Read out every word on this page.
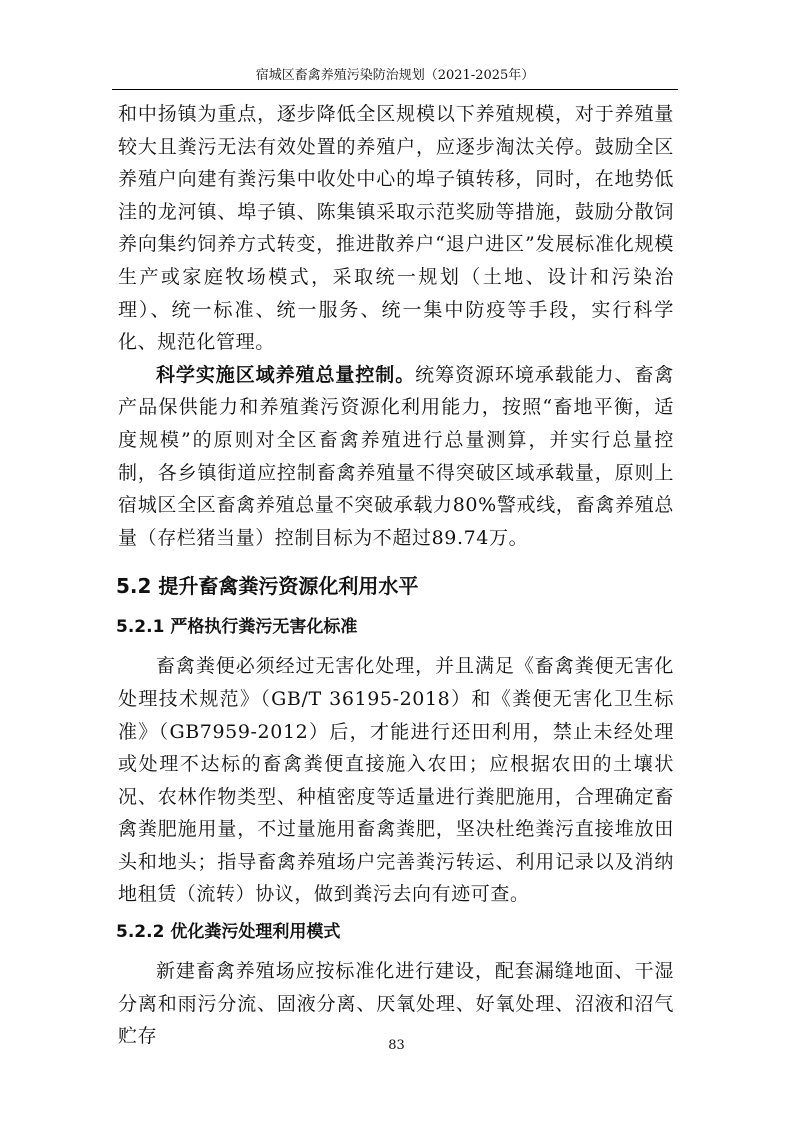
宿城区畜禽养殖污染防治规划（2021-2025年）

和中扬镇为重点，逐步降低全区规模以下养殖规模，对于养殖量较大且粪污无法有效处置的养殖户，应逐步淘汰关停。鼓励全区养殖户向建有粪污集中收处中心的埠子镇转移，同时，在地势低洼的龙河镇、埠子镇、陈集镇采取示范奖励等措施，鼓励分散饲养向集约饲养方式转变，推进散养户“退户进区”发展标准化规模生产或家庭牧场模式，采取统一规划（土地、设计和污染治理）、统一标准、统一服务、统一集中防疫等手段，实行科学化、规范化管理。

科学实施区域养殖总量控制。统筹资源环境承载能力、畜禽产品保供能力和养殖粪污资源化利用能力，按照“畜地平衡，适度规模”的原则对全区畜禽养殖进行总量测算，并实行总量控制，各乡镇街道应控制畜禽养殖量不得突破区域承载量，原则上宿城区全区畜禽养殖总量不突破承载力80%警戒线，畜禽养殖总量（存栏猪当量）控制目标为不超过89.74万。

5.2 提升畜禽粪污资源化利用水平
5.2.1 严格执行粪污无害化标准

畜禽粪便必须经过无害化处理，并且满足《畜禽粪便无害化处理技术规范》（GB/T 36195-2018）和《粪便无害化卫生标准》（GB7959-2012）后，才能进行还田利用，禁止未经处理或处理不达标的畜禽粪便直接施入农田；应根据农田的土壤状况、农林作物类型、种植密度等适量进行粪肥施用，合理确定畜禽粪肥施用量，不过量施用畜禽粪肥，坚决杜绝粪污直接堆放田头和地头；指导畜禽养殖场户完善粪污转运、利用记录以及消纳地租赁（流转）协议，做到粪污去向有迹可查。

5.2.2 优化粪污处理利用模式

新建畜禽养殖场应按标准化进行建设，配套漏缝地面、干湿分离和雨污分流、固液分离、厌氧处理、好氧处理、沼液和沼气贮存	83
